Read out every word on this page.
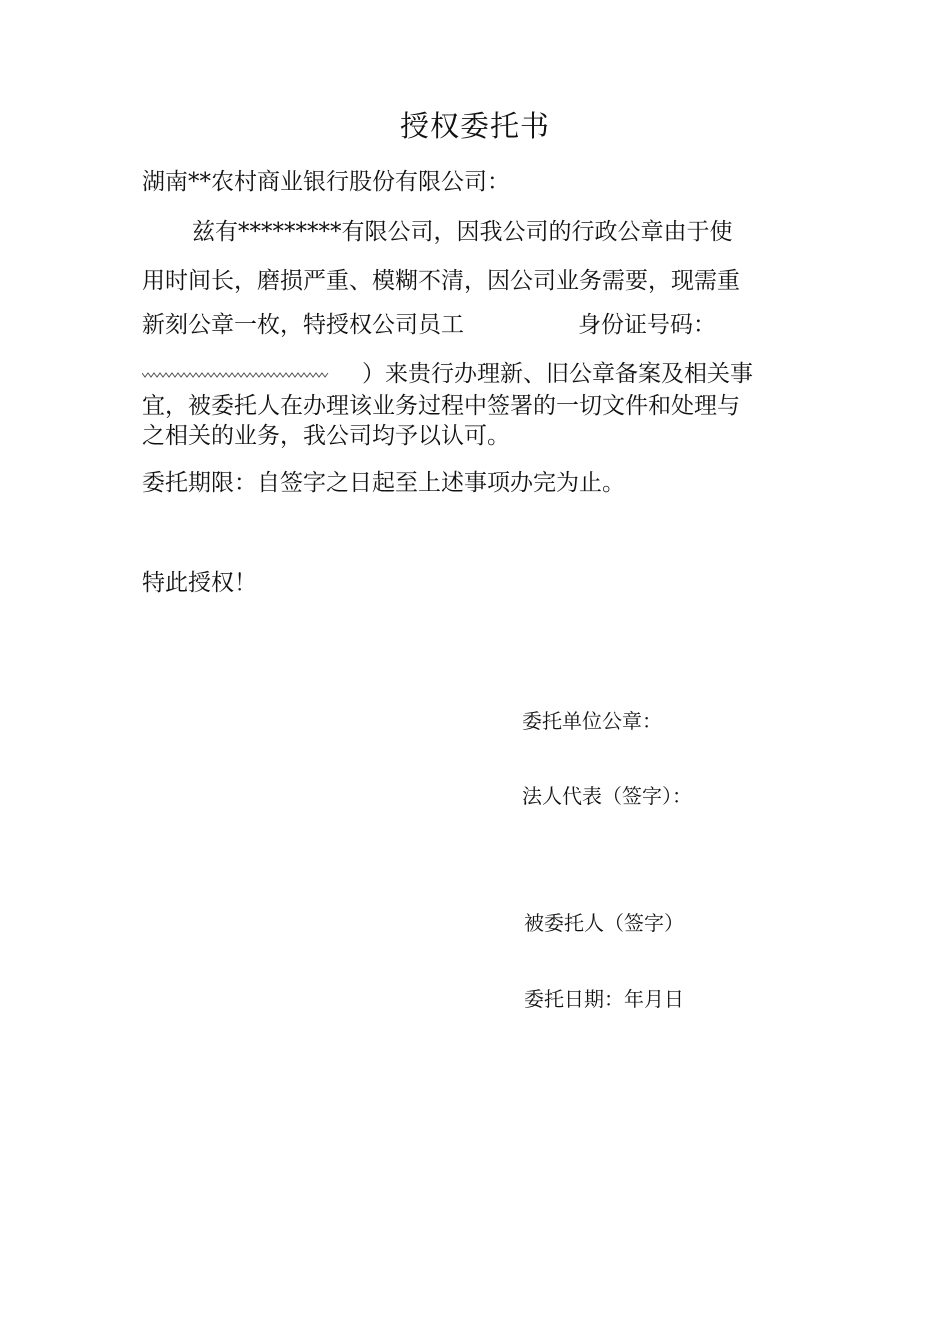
授权委托书
湖南**农村商业银行股份有限公司：
兹有*********有限公司，因我公司的行政公章由于使
用时间长，磨损严重、模糊不清，因公司业务需要，现需重
新刻公章一枚，特授权公司员工	身份证号码：
）来贵行办理新、旧公章备案及相关事
宜，被委托人在办理该业务过程中签署的一切文件和处理与
之相关的业务，我公司均予以认可。
委托期限：自签字之日起至上述事项办完为止。
特此授权！
委托单位公章：
法人代表（签字）：
被委托人（签字）
委托日期：年月日
